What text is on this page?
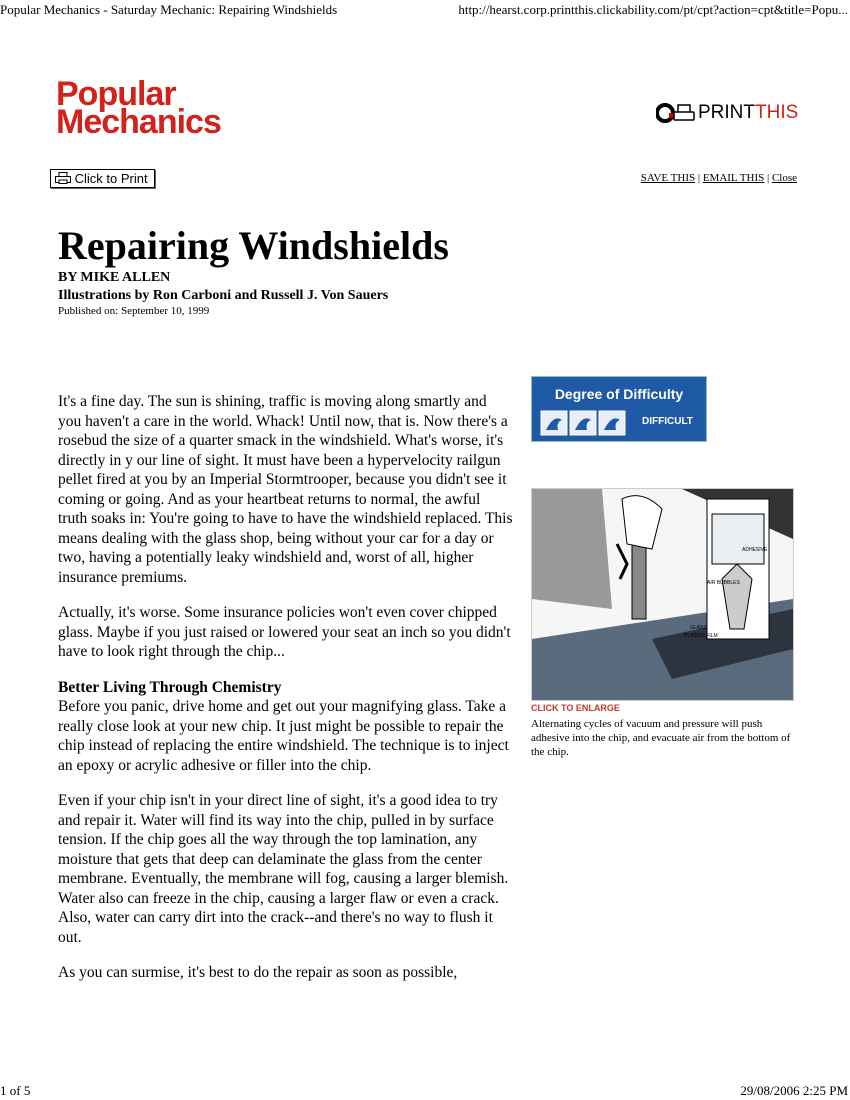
Popular Mechanics - Saturday Mechanic: Repairing Windshields	http://hearst.corp.printthis.clickability.com/pt/cpt?action=cpt&title=Popu...
Popular
Mechanics	PRINTTHIS
Click to Print	SAVE THIS | EMAIL THIS | Close
Repairing Windshields
BY MIKE ALLEN
Illustrations by Ron Carboni and Russell J. Von Sauers
Published on: September 10, 1999

It's a fine day. The sun is shining, traffic is moving along smartly and you haven't a care in the world. Whack! Until now, that is. Now there's a rosebud the size of a quarter smack in the windshield. What's worse, it's directly in y our line of sight. It must have been a hypervelocity railgun pellet fired at you by an Imperial Stormtrooper, because you didn't see it coming or going. And as your heartbeat returns to normal, the awful truth soaks in: You're going to have to have the windshield replaced. This means dealing with the glass shop, being without your car for a day or two, having a potentially leaky windshield and, worst of all, higher insurance premiums.

Actually, it's worse. Some insurance policies won't even cover chipped glass. Maybe if you just raised or lowered your seat an inch so you didn't have to look right through the chip...

Better Living Through Chemistry

Before you panic, drive home and get out your magnifying glass. Take a really close look at your new chip. It just might be possible to repair the chip instead of replacing the entire windshield. The technique is to inject an epoxy or acrylic adhesive or filler into the chip.

Even if your chip isn't in your direct line of sight, it's a good idea to try and repair it. Water will find its way into the chip, pulled in by surface tension. If the chip goes all the way through the top lamination, any moisture that gets that deep can delaminate the glass from the center membrane. Eventually, the membrane will fog, causing a larger blemish. Water also can freeze in the chip, causing a larger flaw or even a crack. Also, water can carry dirt into the crack--and there's no way to flush it out.

As you can surmise, it's best to do the repair as soon as possible,

Degree of Difficulty
DIFFICULT
ADHESIVE
AIR BUBBLES
GLASS
PLASTIC FILM
CLICK TO ENLARGE
Alternating cycles of vacuum and pressure will push adhesive into the chip, and evacuate air from the bottom of the chip.
1 of 5	29/08/2006 2:25 PM
